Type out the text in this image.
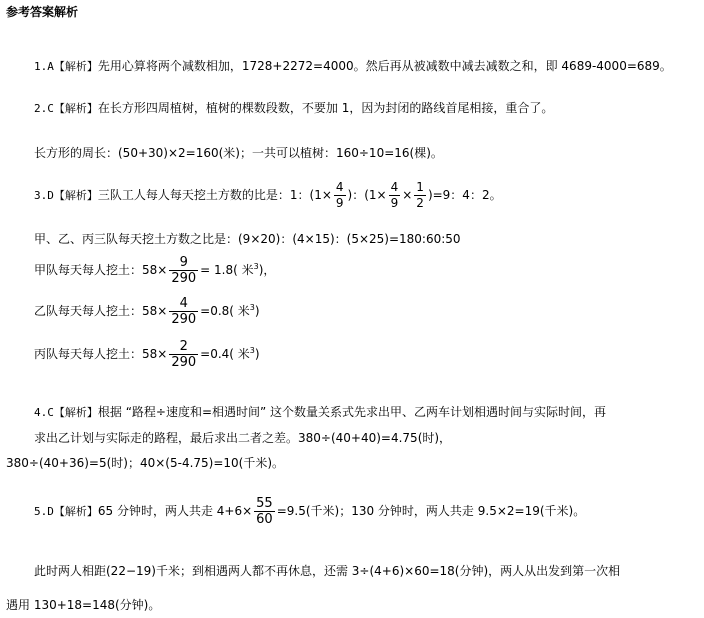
参考答案解析
1.A【解析】先用心算将两个减数相加，1728+2272=4000。然后再从被减数中减去减数之和，即 4689-4000=689。
2.C【解析】在长方形四周植树，植树的棵数段数，不要加 1，因为封闭的路线首尾相接，重合了。
长方形的周长：(50+30)×2=160(米)；一共可以植树：160÷10=16(棵)。
3.D【解析】三队工人每人每天挖土方数的比是：1：($1\times \frac{4}{9}$ )：$(1\times \frac{4}{9} \times \frac{1}{2} )=9$：4：2。
甲、乙、丙三队每天挖土方数之比是：(9×20)：(4×15)：(5×25)=180:60:50
甲队每天每人挖土：$58\times \frac{9}{290} = 1.8$( 米$^3$)，
乙队每天每人挖土：$58\times \frac{4}{290} =0.8$( 米$^3$)
丙队每天每人挖土：$58\times \frac{2}{290} =0.4$( 米$^3$)
4.C【解析】根据 “路程÷速度和=相遇时间” 这个数量关系式先求出甲、乙两车计划相遇时间与实际时间，再
求出乙计划与实际走的路程，最后求出二者之差。380÷(40+40)=4.75(时)，
380÷(40+36)=5(时)；40×(5-4.75)=10(千米)。
5.D【解析】65 分钟时，两人共走 $4+6\times \frac{55}{60} =9.5$(千米)；130 分钟时，两人共走 9.5×2=19(千米)。
此时两人相距(22−19)千米；到相遇两人都不再休息，还需 3÷(4+6)×60=18(分钟)，两人从出发到第一次相
遇用 130+18=148(分钟)。
